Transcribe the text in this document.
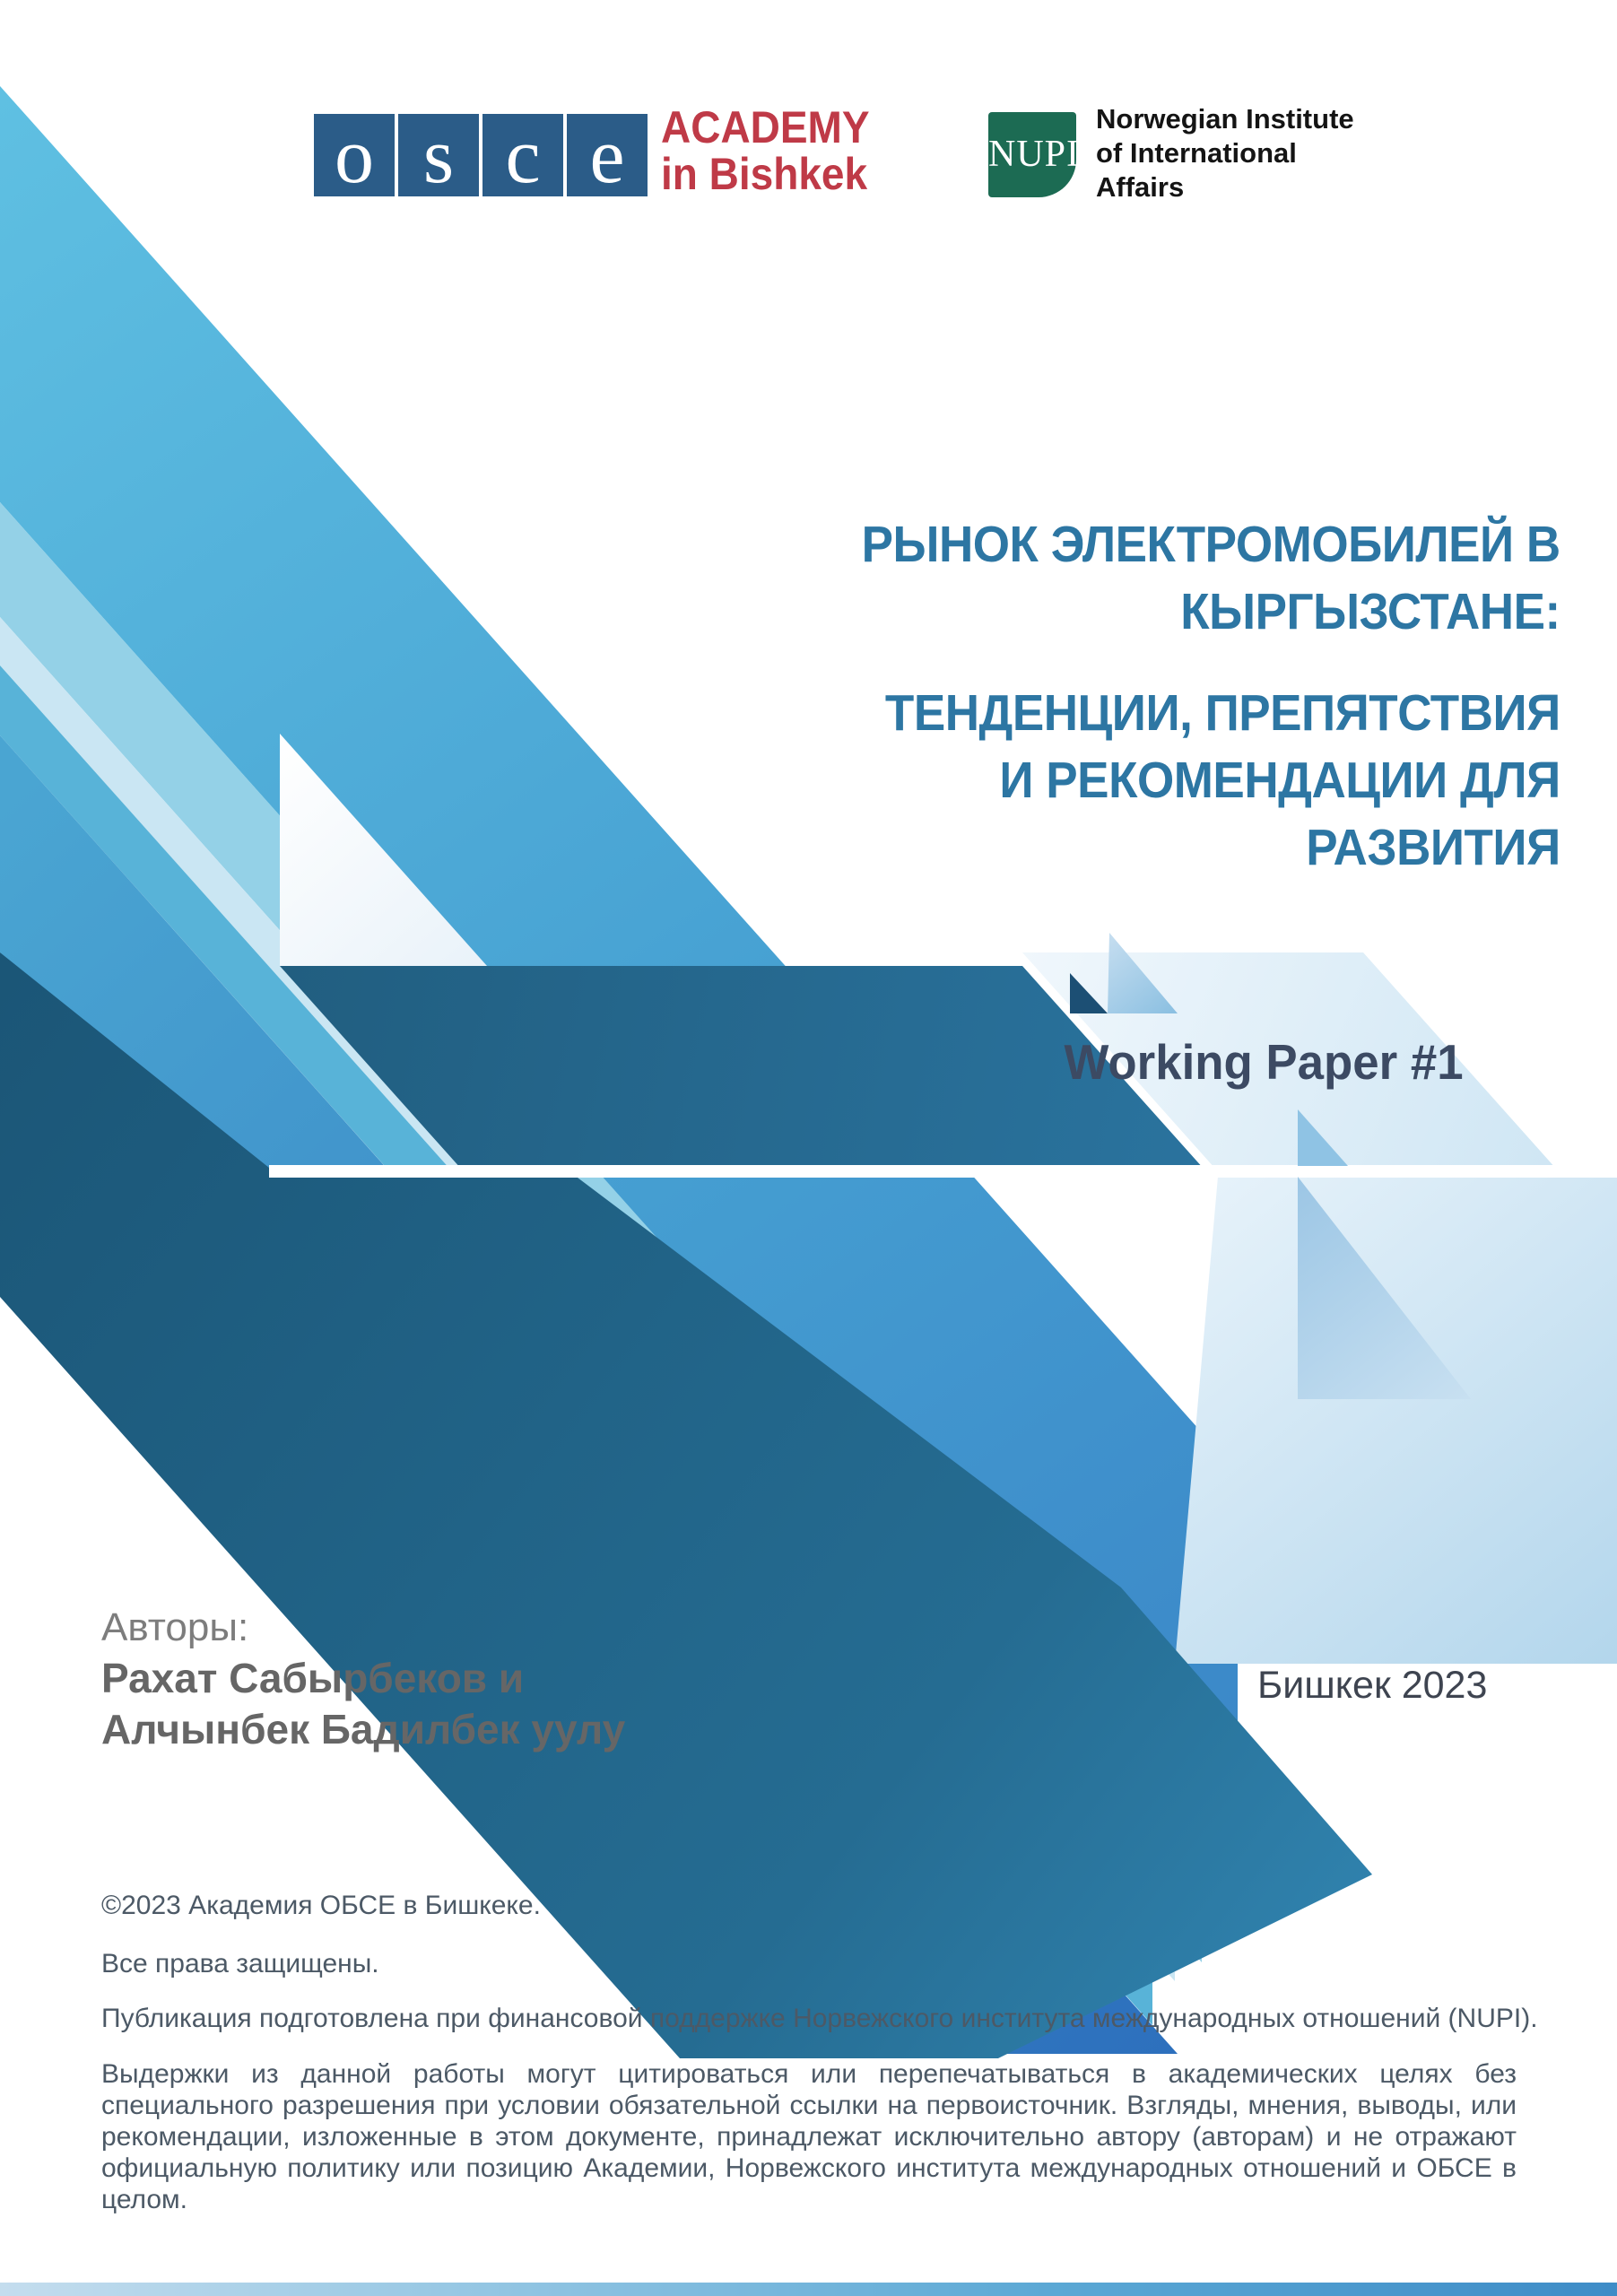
o s c e ACADEMY
in Bishkek	NUPI
Norwegian Institute
of International
Affairs
РЫНОК ЭЛЕКТРОМОБИЛЕЙ В
КЫРГЫЗСТАНЕ:
ТЕНДЕНЦИИ, ПРЕПЯТСТВИЯ
И РЕКОМЕНДАЦИИ ДЛЯ
РАЗВИТИЯ
Working Paper #1
Авторы:
Рахат Сабырбеков и
Алчынбек Бадилбек уулу
Бишкек 2023
©2023 Академия ОБСЕ в Бишкеке.
Все права защищены.
Публикация подготовлена при финансовой поддержке Норвежского института международных отношений (NUPI).
Выдержки из данной работы могут цитироваться или перепечатываться в академических целях без специального разрешения при условии обязательной ссылки на первоисточник. Взгляды, мнения, выводы, или рекомендации, изложенные в этом документе, принадлежат исключительно автору (авторам) и не отражают официальную политику или позицию Академии, Норвежского института международных отношений и ОБСЕ в целом.
